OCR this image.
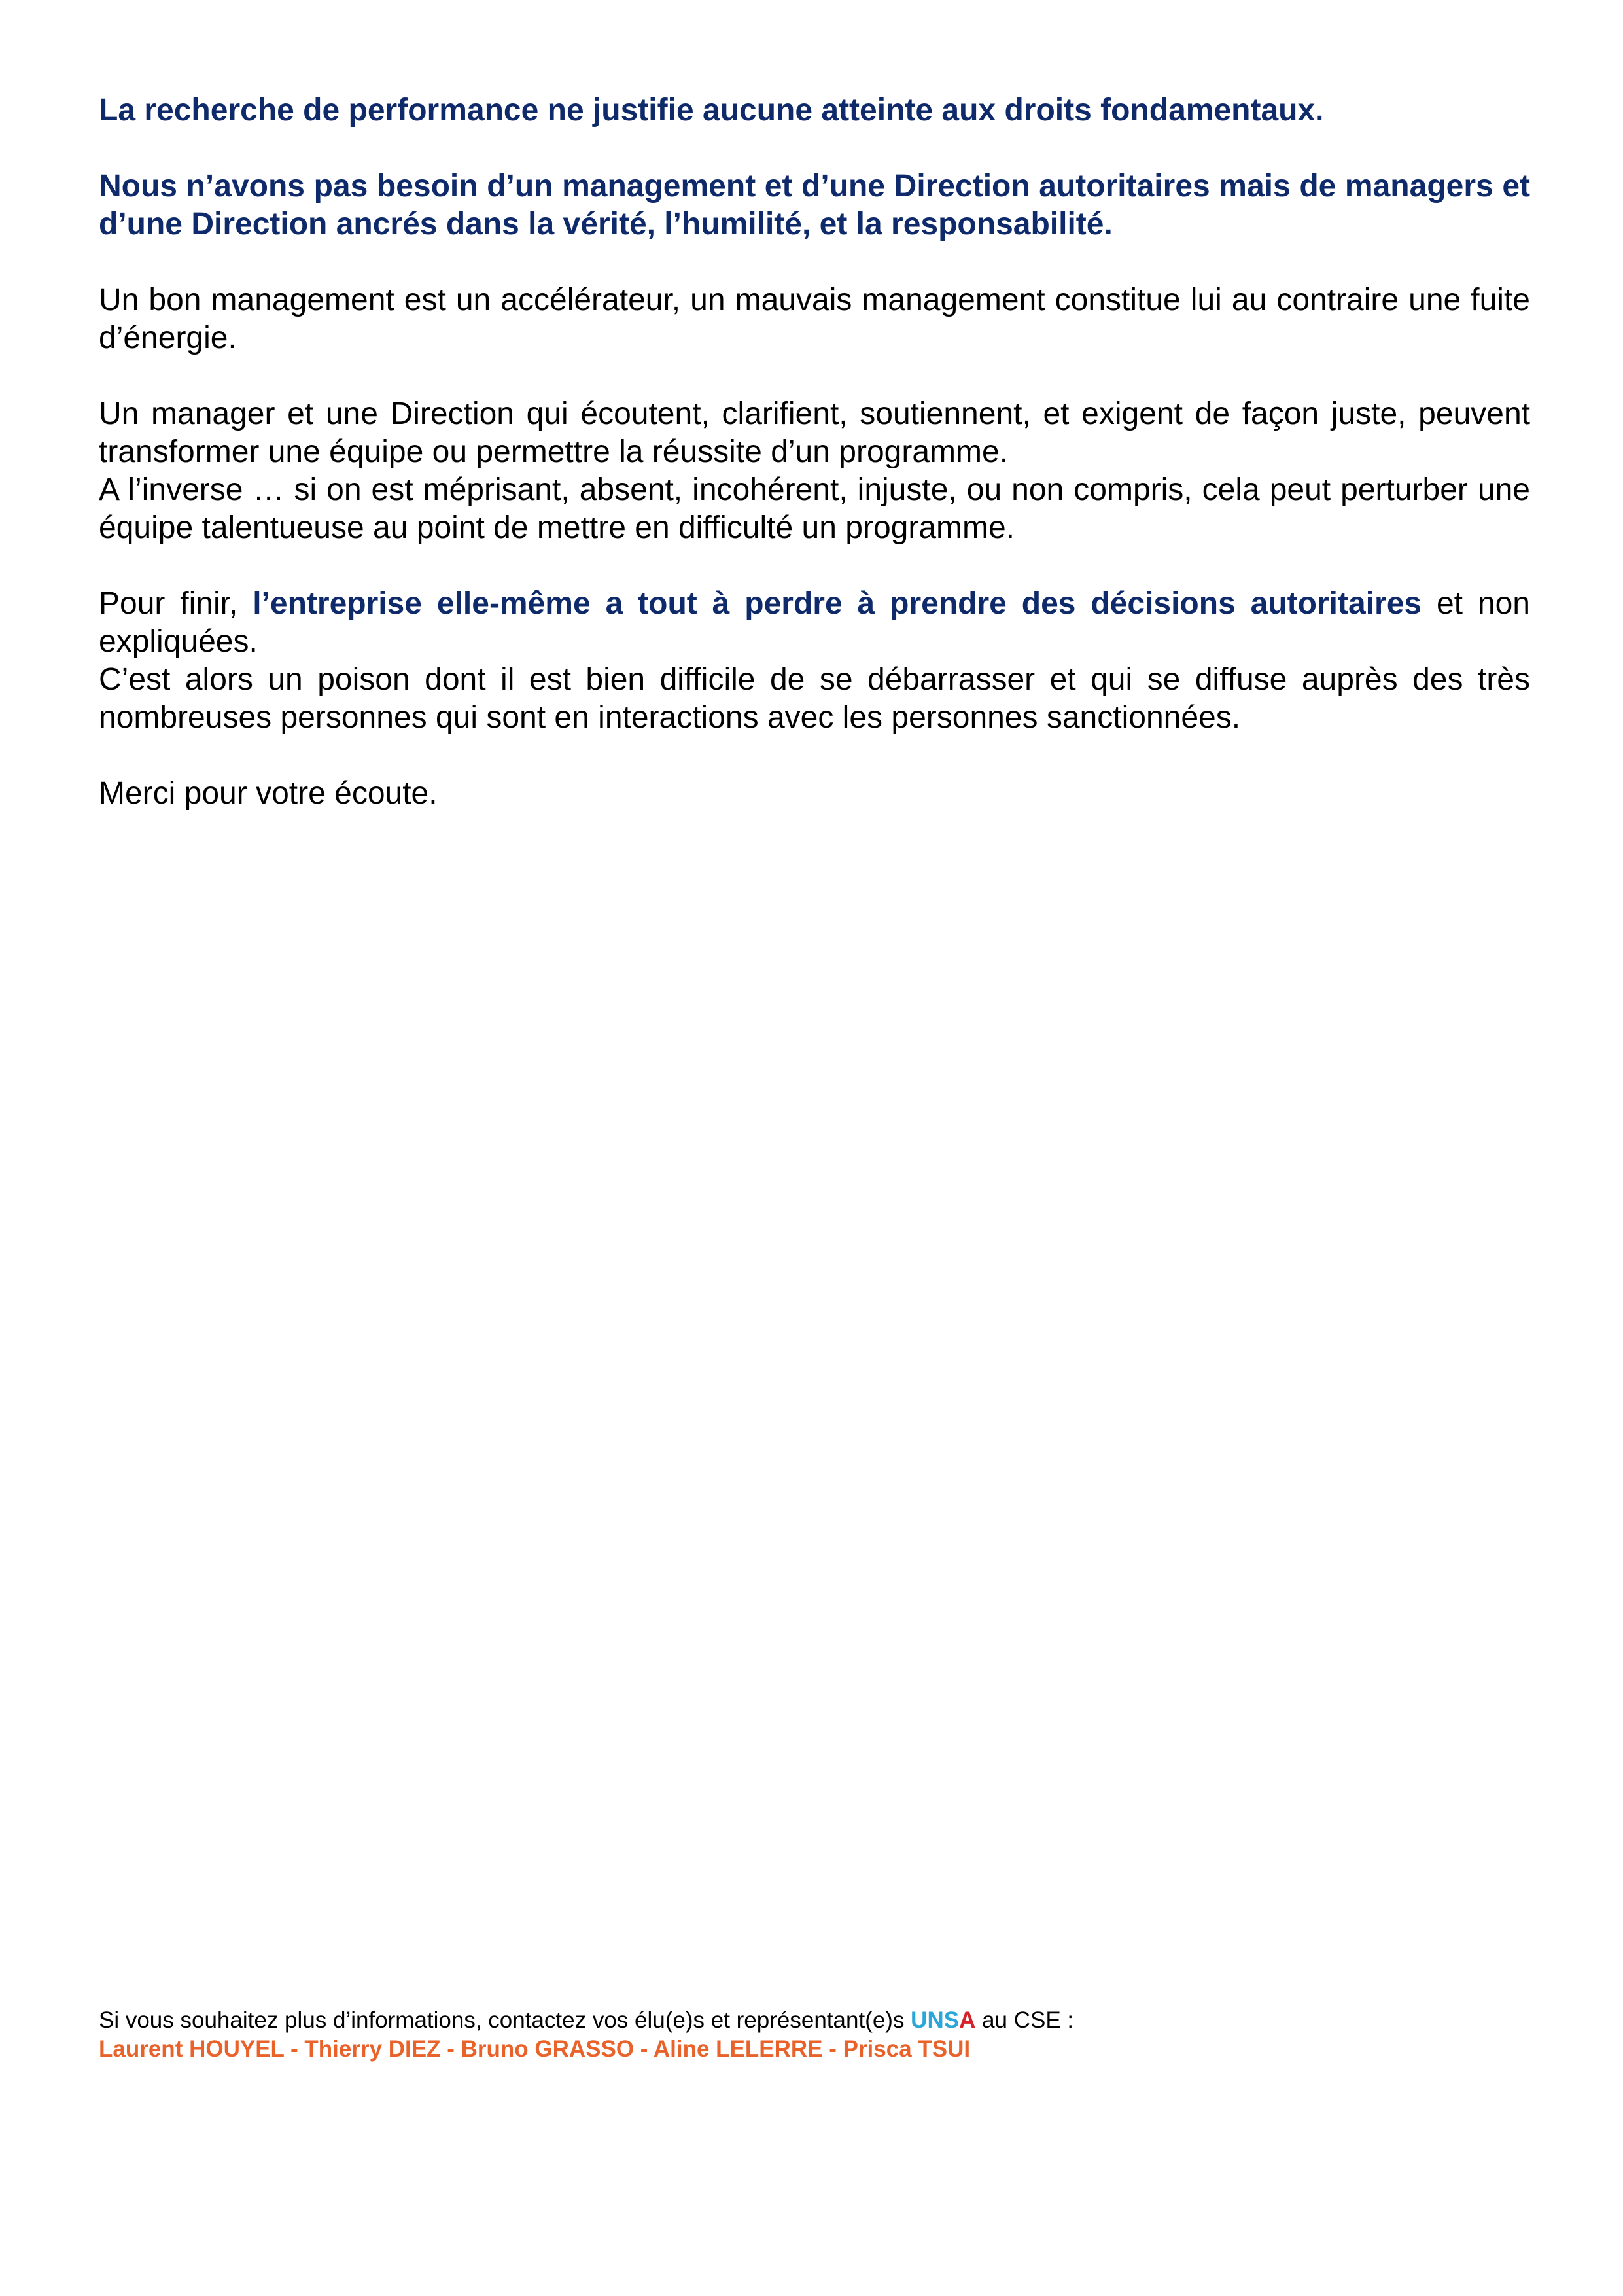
La recherche de performance ne justifie aucune atteinte aux droits fondamentaux.

Nous n’avons pas besoin d’un management et d’une Direction autoritaires mais de managers et d’une Direction ancrés dans la vérité, l’humilité, et la responsabilité.

Un bon management est un accélérateur, un mauvais management constitue lui au contraire une fuite d’énergie.

Un manager et une Direction qui écoutent, clarifient, soutiennent, et exigent de façon juste, peuvent transformer une équipe ou permettre la réussite d’un programme.

A l’inverse … si on est méprisant, absent, incohérent, injuste, ou non compris, cela peut perturber une équipe talentueuse au point de mettre en difficulté un programme.

Pour finir, l’entreprise elle-même a tout à perdre à prendre des décisions autoritaires et non expliquées.

C’est alors un poison dont il est bien difficile de se débarrasser et qui se diffuse auprès des très nombreuses personnes qui sont en interactions avec les personnes sanctionnées.

Merci pour votre écoute.

Si vous souhaitez plus d’informations, contactez vos élu(e)s et représentant(e)s UNSA au CSE :
Laurent HOUYEL - Thierry DIEZ - Bruno GRASSO - Aline LELERRE - Prisca TSUI
